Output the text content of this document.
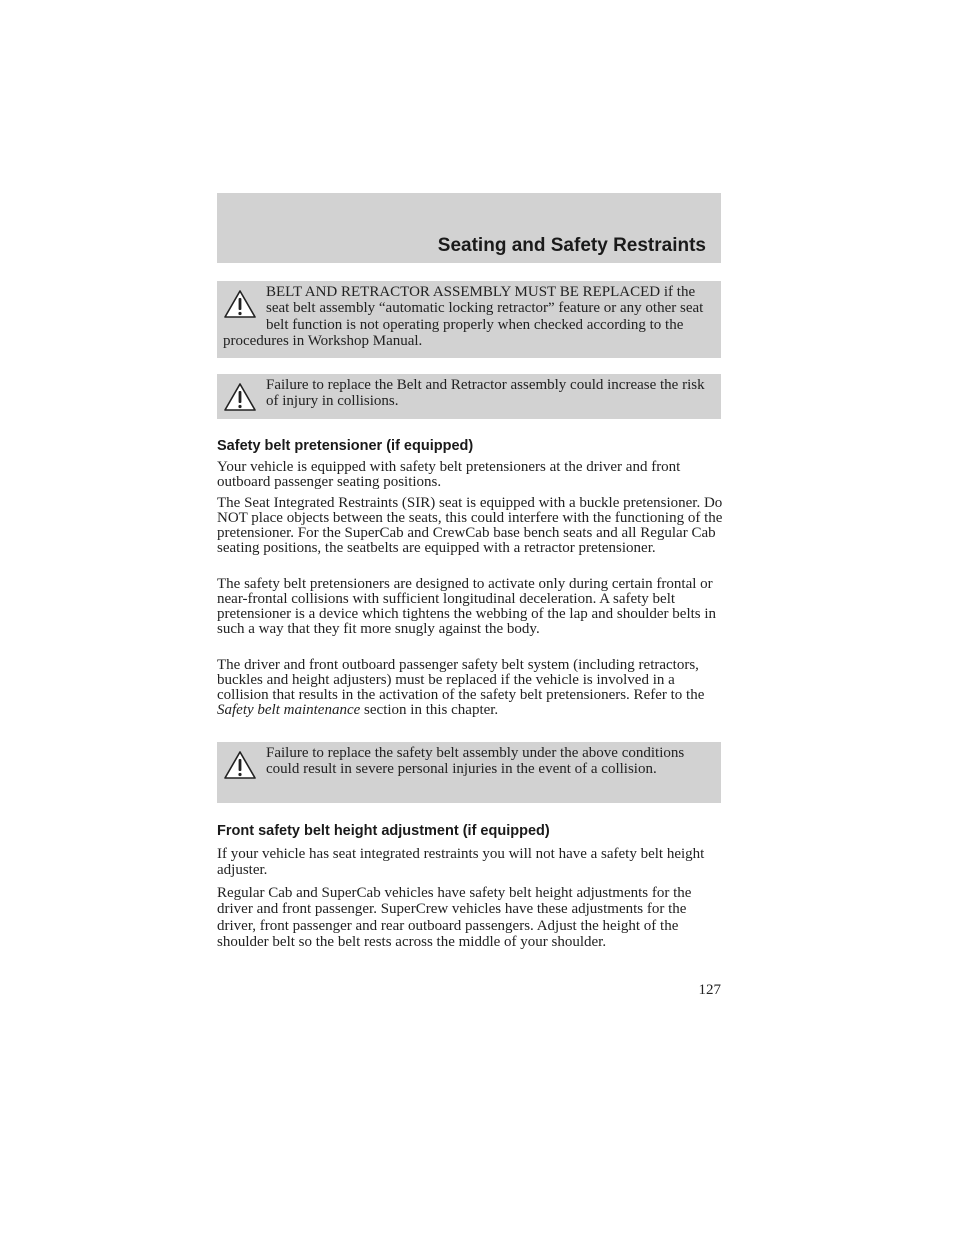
Seating and Safety Restraints
BELT AND RETRACTOR ASSEMBLY MUST BE REPLACED if the seat belt assembly “automatic locking retractor” feature or any other seat belt function is not operating properly when checked according to the procedures in Workshop Manual.
Failure to replace the Belt and Retractor assembly could increase the risk of injury in collisions.
Safety belt pretensioner (if equipped)

Your vehicle is equipped with safety belt pretensioners at the driver and front outboard passenger seating positions.

The Seat Integrated Restraints (SIR) seat is equipped with a buckle pretensioner. Do NOT place objects between the seats, this could interfere with the functioning of the pretensioner. For the SuperCab and CrewCab base bench seats and all Regular Cab seating positions, the seatbelts are equipped with a retractor pretensioner.

The safety belt pretensioners are designed to activate only during certain frontal or near-frontal collisions with sufficient longitudinal deceleration. A safety belt pretensioner is a device which tightens the webbing of the lap and shoulder belts in such a way that they fit more snugly against the body.

The driver and front outboard passenger safety belt system (including retractors, buckles and height adjusters) must be replaced if the vehicle is involved in a collision that results in the activation of the safety belt pretensioners. Refer to the Safety belt maintenance section in this chapter.

Failure to replace the safety belt assembly under the above conditions could result in severe personal injuries in the event of a collision.
Front safety belt height adjustment (if equipped)

If your vehicle has seat integrated restraints you will not have a safety belt height adjuster.

Regular Cab and SuperCab vehicles have safety belt height adjustments for the driver and front passenger. SuperCrew vehicles have these adjustments for the driver, front passenger and rear outboard passengers. Adjust the height of the shoulder belt so the belt rests across the middle of your shoulder.

127
